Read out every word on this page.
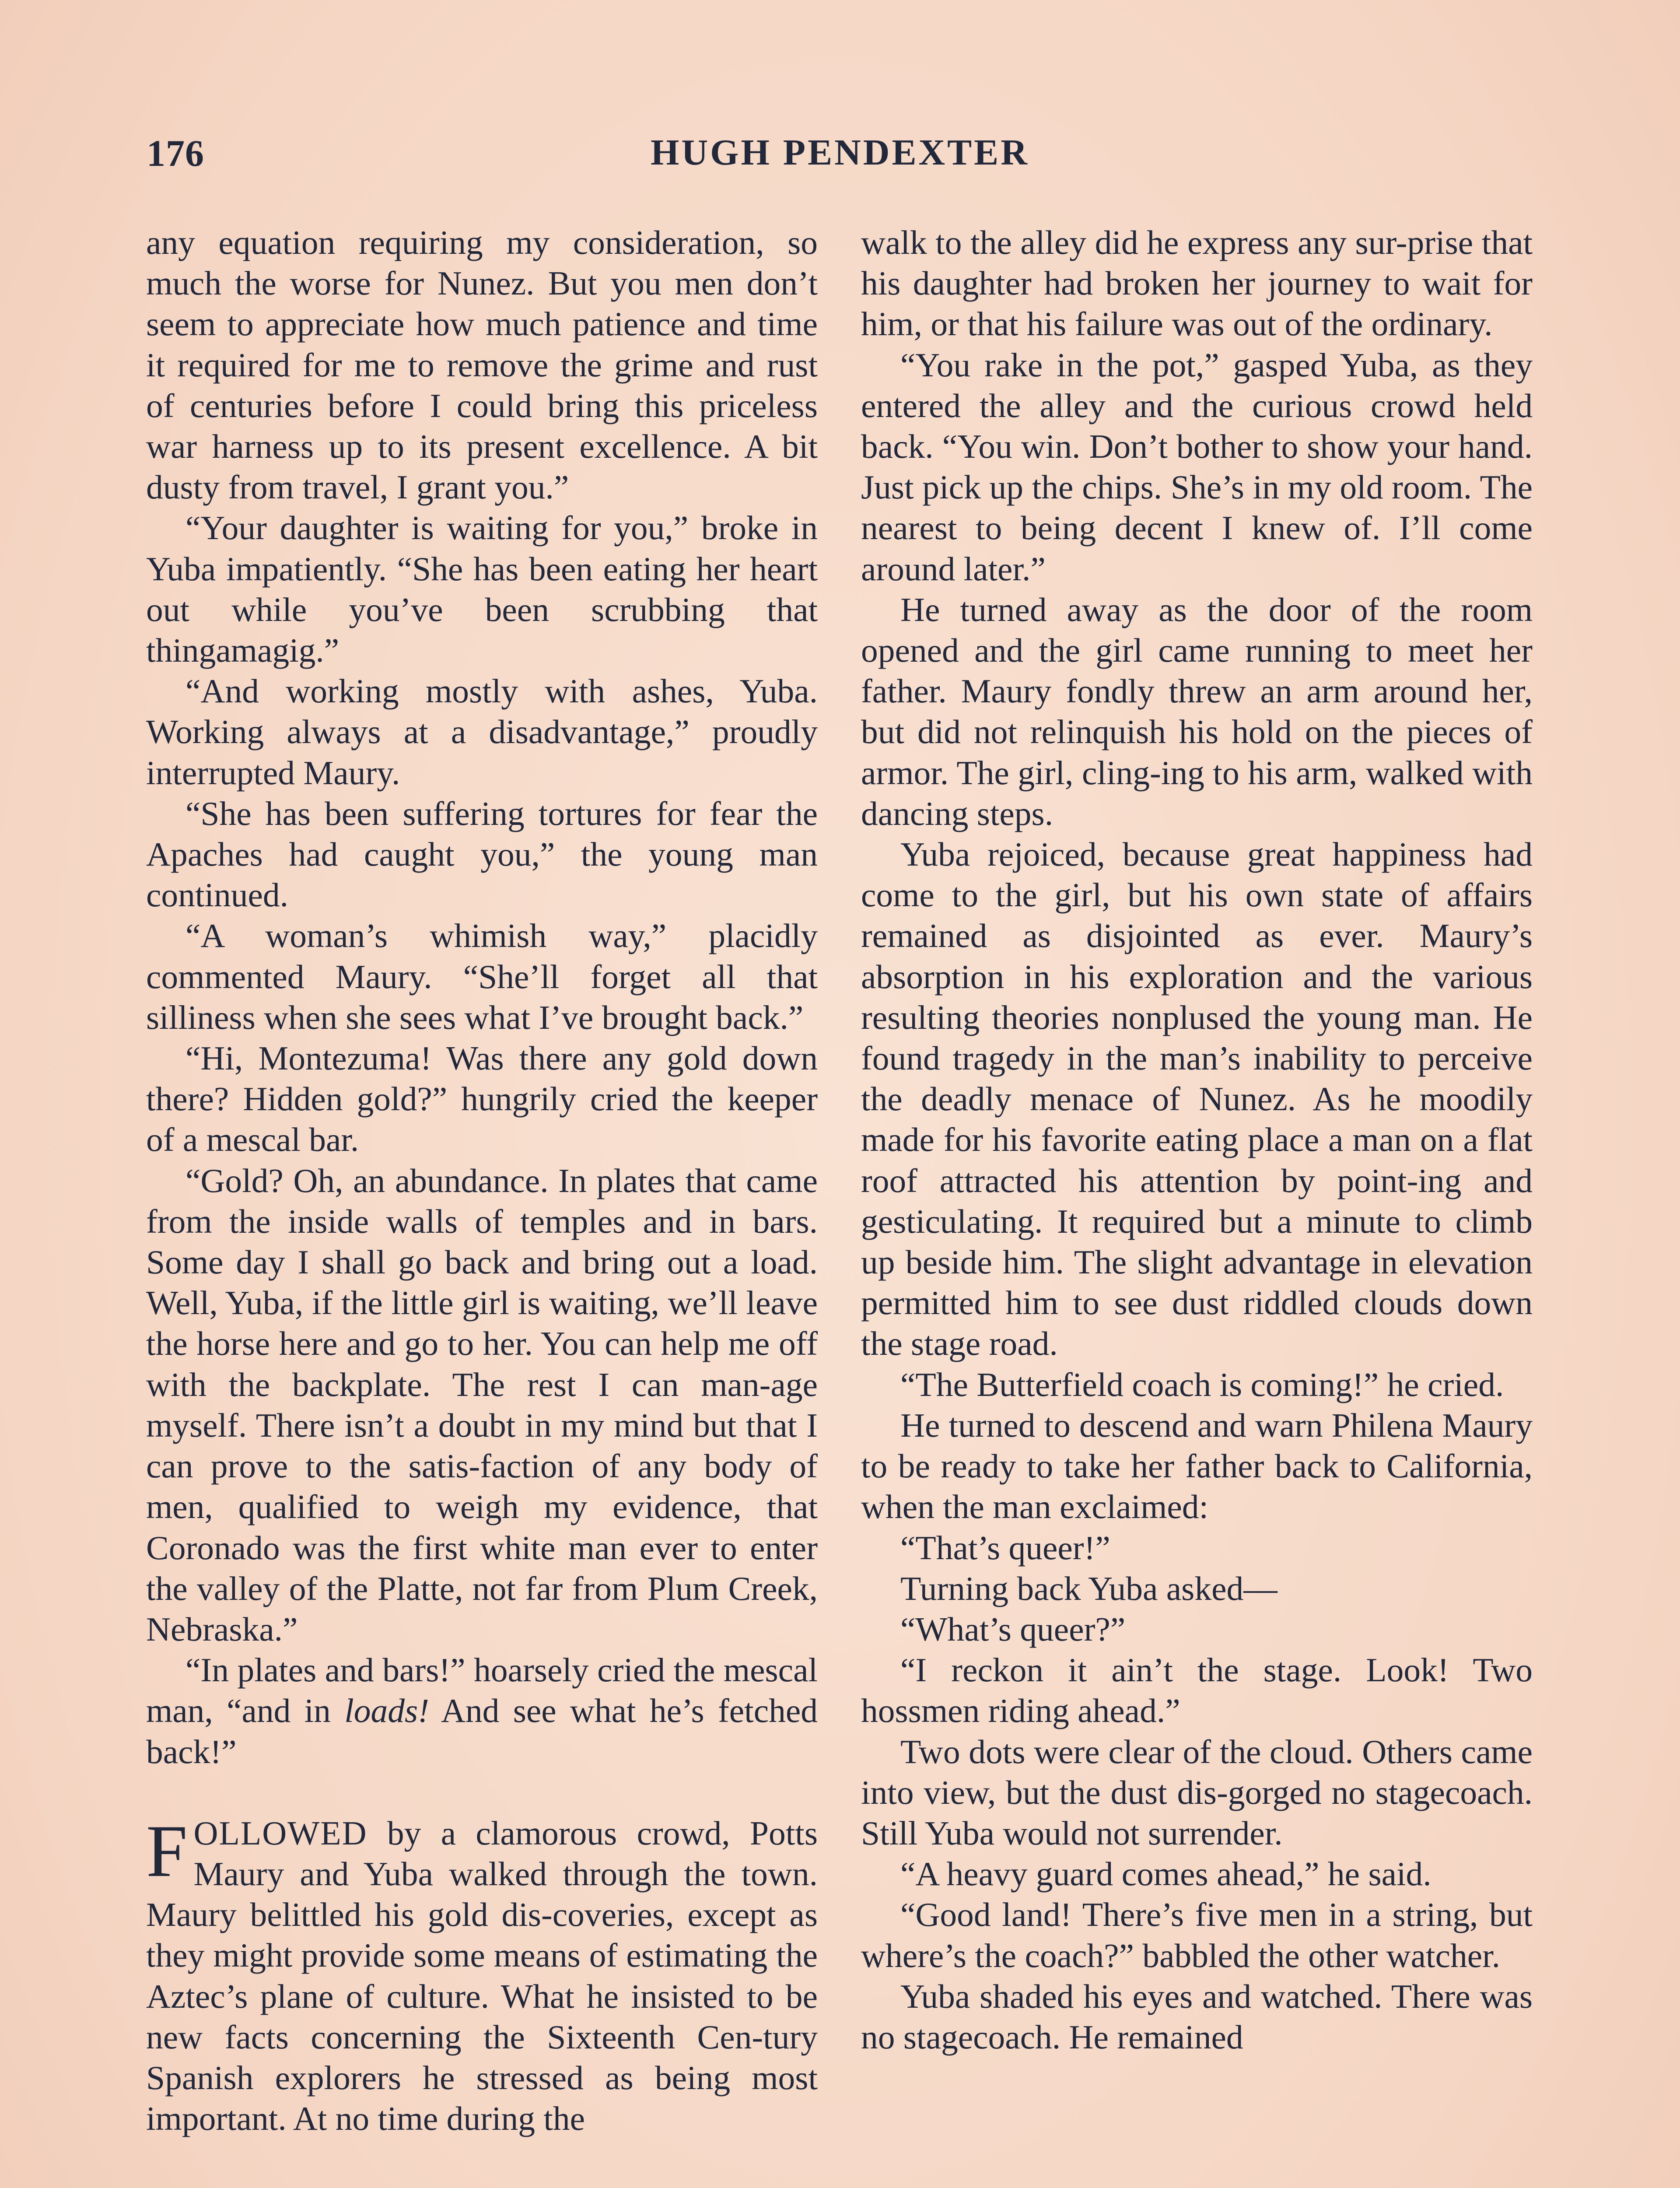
176	HUGH PENDEXTER

any equation requiring my consideration, so much the worse for Nunez. But you men don’t seem to appreciate how much patience and time it required for me to remove the grime and rust of centuries before I could bring this priceless war harness up to its present excellence. A bit dusty from travel, I grant you.”

“Your daughter is waiting for you,” broke in Yuba impatiently. “She has been eating her heart out while you’ve been scrubbing that thingamagig.”

“And working mostly with ashes, Yuba. Working always at a disadvantage,” proudly interrupted Maury.

“She has been suffering tortures for fear the Apaches had caught you,” the young man continued.

“A woman’s whimish way,” placidly commented Maury. “She’ll forget all that silliness when she sees what I’ve brought back.”

“Hi, Montezuma! Was there any gold down there? Hidden gold?” hungrily cried the keeper of a mescal bar.

“Gold? Oh, an abundance. In plates that came from the inside walls of temples and in bars. Some day I shall go back and bring out a load. Well, Yuba, if the little girl is waiting, we’ll leave the horse here and go to her. You can help me off with the backplate. The rest I can man-age myself. There isn’t a doubt in my mind but that I can prove to the satis-faction of any body of men, qualified to weigh my evidence, that Coronado was the first white man ever to enter the valley of the Platte, not far from Plum Creek, Nebraska.”

“In plates and bars!” hoarsely cried the mescal man, “and in loads! And see what he’s fetched back!”

FOLLOWED by a clamorous crowd, Potts Maury and Yuba walked through the town. Maury belittled his gold dis-coveries, except as they might provide some means of estimating the Aztec’s plane of culture. What he insisted to be new facts concerning the Sixteenth Cen-tury Spanish explorers he stressed as being most important. At no time during the

walk to the alley did he express any sur-prise that his daughter had broken her journey to wait for him, or that his failure was out of the ordinary.

“You rake in the pot,” gasped Yuba, as they entered the alley and the curious crowd held back. “You win. Don’t bother to show your hand. Just pick up the chips. She’s in my old room. The nearest to being decent I knew of. I’ll come around later.”

He turned away as the door of the room opened and the girl came running to meet her father. Maury fondly threw an arm around her, but did not relinquish his hold on the pieces of armor. The girl, cling-ing to his arm, walked with dancing steps.

Yuba rejoiced, because great happiness had come to the girl, but his own state of affairs remained as disjointed as ever. Maury’s absorption in his exploration and the various resulting theories nonplused the young man. He found tragedy in the man’s inability to perceive the deadly menace of Nunez. As he moodily made for his favorite eating place a man on a flat roof attracted his attention by point-ing and gesticulating. It required but a minute to climb up beside him. The slight advantage in elevation permitted him to see dust riddled clouds down the stage road.

“The Butterfield coach is coming!” he cried.

He turned to descend and warn Philena Maury to be ready to take her father back to California, when the man exclaimed:

“That’s queer!”

Turning back Yuba asked—

“What’s queer?”

“I reckon it ain’t the stage. Look! Two hossmen riding ahead.”

Two dots were clear of the cloud. Others came into view, but the dust dis-gorged no stagecoach. Still Yuba would not surrender.

“A heavy guard comes ahead,” he said.

“Good land! There’s five men in a string, but where’s the coach?” babbled the other watcher.

Yuba shaded his eyes and watched. There was no stagecoach. He remained
